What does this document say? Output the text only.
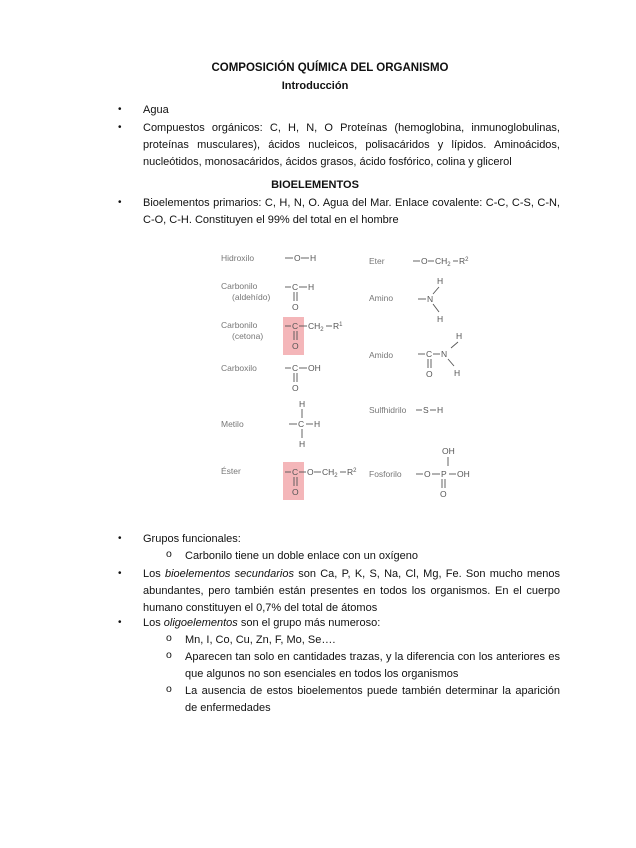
COMPOSICIÓN QUÍMICA DEL ORGANISMO
Introducción
• Agua
• Compuestos orgánicos: C, H, N, O Proteínas (hemoglobina, inmunoglobulinas, proteínas musculares), ácidos nucleicos, polisacáridos y lípidos. Aminoácidos, nucleótidos, monosacáridos, ácidos grasos, ácido fosfórico, colina y glicerol
BIOELEMENTOS
• Bioelementos primarios: C, H, N, O. Agua del Mar. Enlace covalente: C-C, C-S, C-N, C-O, C-H. Constituyen el 99% del total en el hombre
Hidroxilo
Carbonilo
(aldehído)
Carbonilo
(cetona)
Carboxilo
Metilo
Éster
Eter
Amino
Amido
Sulfhidrilo
Fosforilo
O H
C H
O
C $CH_2$ $R^1$
O
C OH
O
H
C H
H
C O $CH_2$ $R^2$
O
O $CH_2$ $R^2$
H
N
H
H
C N
H
O
S H
OH
O P OH
O
• Grupos funcionales:
o Carbonilo tiene un doble enlace con un oxígeno
• Los bioelementos secundarios son Ca, P, K, S, Na, Cl, Mg, Fe. Son mucho menos abundantes, pero también están presentes en todos los organismos. En el cuerpo humano constituyen el 0,7% del total de átomos
• Los oligoelementos son el grupo más numeroso:
o Mn, I, Co, Cu, Zn, F, Mo, Se….
o Aparecen tan solo en cantidades trazas, y la diferencia con los anteriores es que algunos no son esenciales en todos los organismos
o La ausencia de estos bioelementos puede también determinar la aparición de enfermedades
